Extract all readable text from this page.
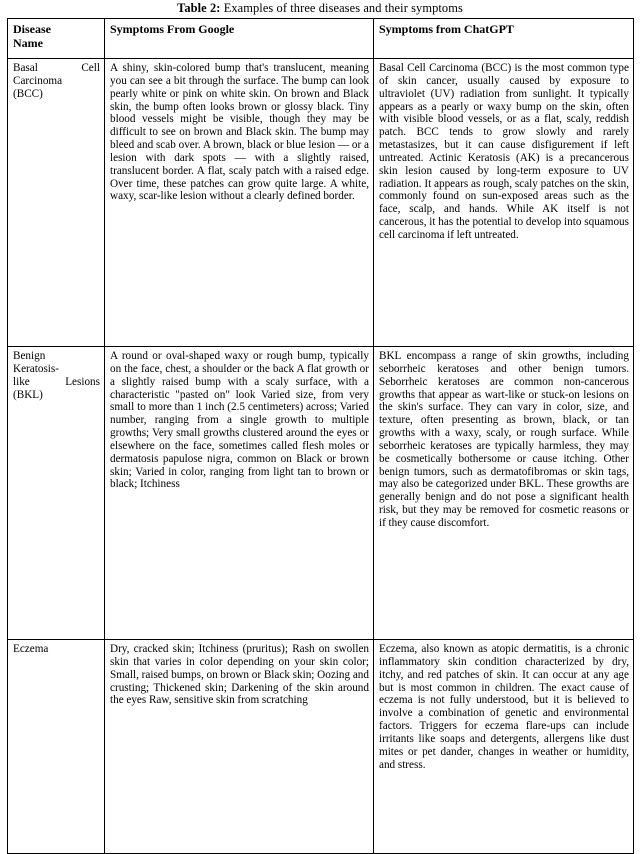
Table 2: Examples of three diseases and their symptoms
Disease
Name	Symptoms From Google	Symptoms from ChatGPT

Basal Cell
Carcinoma
(BCC)
	A shiny, skin-colored bump that's translucent, meaning you can see a bit through the surface. The bump can look pearly white or pink on white skin. On brown and Black skin, the bump often looks brown or glossy black. Tiny blood vessels might be visible, though they may be difficult to see on brown and Black skin. The bump may bleed and scab over. A brown, black or blue lesion — or a lesion with dark spots — with a slightly raised, translucent border. A flat, scaly patch with a raised edge. Over time, these patches can grow quite large. A white, waxy, scar-like lesion without a clearly defined border.	Basal Cell Carcinoma (BCC) is the most common type of skin cancer, usually caused by exposure to ultraviolet (UV) radiation from sunlight. It typically appears as a pearly or waxy bump on the skin, often with visible blood vessels, or as a flat, scaly, reddish patch. BCC tends to grow slowly and rarely metastasizes, but it can cause disfigurement if left untreated. Actinic Keratosis (AK) is a precancerous skin lesion caused by long-term exposure to UV radiation. It appears as rough, scaly patches on the skin, commonly found on sun-exposed areas such as the face, scalp, and hands. While AK itself is not cancerous, it has the potential to develop into squamous cell carcinoma if left untreated.

Benign
Keratosis-
like Lesions
(BKL)
	A round or oval-shaped waxy or rough bump, typically on the face, chest, a shoulder or the back A flat growth or a slightly raised bump with a scaly surface, with a characteristic "pasted on" look Varied size, from very small to more than 1 inch (2.5 centimeters) across; Varied number, ranging from a single growth to multiple growths; Very small growths clustered around the eyes or elsewhere on the face, sometimes called flesh moles or dermatosis papulose nigra, common on Black or brown skin; Varied in color, ranging from light tan to brown or black; Itchiness	BKL encompass a range of skin growths, including seborrheic keratoses and other benign tumors. Seborrheic keratoses are common non-cancerous growths that appear as wart-like or stuck-on lesions on the skin's surface. They can vary in color, size, and texture, often presenting as brown, black, or tan growths with a waxy, scaly, or rough surface. While seborrheic keratoses are typically harmless, they may be cosmetically bothersome or cause itching. Other benign tumors, such as dermatofibromas or skin tags, may also be categorized under BKL. These growths are generally benign and do not pose a significant health risk, but they may be removed for cosmetic reasons or if they cause discomfort.

Eczema	Dry, cracked skin; Itchiness (pruritus); Rash on swollen skin that varies in color depending on your skin color; Small, raised bumps, on brown or Black skin; Oozing and crusting; Thickened skin; Darkening of the skin around the eyes Raw, sensitive skin from scratching	Eczema, also known as atopic dermatitis, is a chronic inflammatory skin condition characterized by dry, itchy, and red patches of skin. It can occur at any age but is most common in children. The exact cause of eczema is not fully understood, but it is believed to involve a combination of genetic and environmental factors. Triggers for eczema flare-ups can include irritants like soaps and detergents, allergens like dust mites or pet dander, changes in weather or humidity, and stress.
